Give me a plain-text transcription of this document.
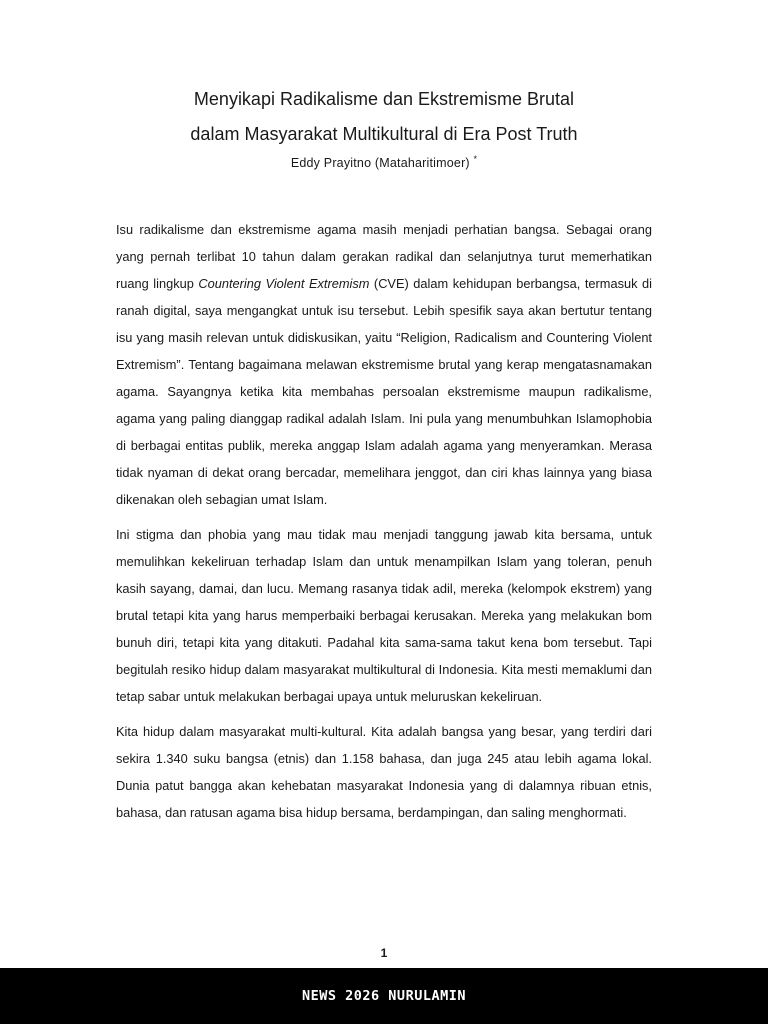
Menyikapi Radikalisme dan Ekstremisme Brutal

dalam Masyarakat Multikultural di Era Post Truth

Eddy Prayitno (Mataharitimoer) *

Isu radikalisme dan ekstremisme agama masih menjadi perhatian bangsa. Sebagai orang yang pernah terlibat 10 tahun dalam gerakan radikal dan selanjutnya turut memerhatikan ruang lingkup Countering Violent Extremism (CVE) dalam kehidupan berbangsa, termasuk di ranah digital, saya mengangkat untuk isu tersebut. Lebih spesifik saya akan bertutur tentang isu yang masih relevan untuk didiskusikan, yaitu “Religion, Radicalism and Countering Violent Extremism”. Tentang bagaimana melawan ekstremisme brutal yang kerap mengatasnamakan agama. Sayangnya ketika kita membahas persoalan ekstremisme maupun radikalisme, agama yang paling dianggap radikal adalah Islam. Ini pula yang menumbuhkan Islamophobia di berbagai entitas publik, mereka anggap Islam adalah agama yang menyeramkan. Merasa tidak nyaman di dekat orang bercadar, memelihara jenggot, dan ciri khas lainnya yang biasa dikenakan oleh sebagian umat Islam.

Ini stigma dan phobia yang mau tidak mau menjadi tanggung jawab kita bersama, untuk memulihkan kekeliruan terhadap Islam dan untuk menampilkan Islam yang toleran, penuh kasih sayang, damai, dan lucu. Memang rasanya tidak adil, mereka (kelompok ekstrem) yang brutal tetapi kita yang harus memperbaiki berbagai kerusakan. Mereka yang melakukan bom bunuh diri, tetapi kita yang ditakuti. Padahal kita sama-sama takut kena bom tersebut. Tapi begitulah resiko hidup dalam masyarakat multikultural di Indonesia. Kita mesti memaklumi dan tetap sabar untuk melakukan berbagai upaya untuk meluruskan kekeliruan.

Kita hidup dalam masyarakat multi-kultural. Kita adalah bangsa yang besar, yang terdiri dari sekira 1.340 suku bangsa (etnis) dan 1.158 bahasa, dan juga 245 atau lebih agama lokal. Dunia patut bangga akan kehebatan masyarakat Indonesia yang di dalamnya ribuan etnis, bahasa, dan ratusan agama bisa hidup bersama, berdampingan, dan saling menghormati.

1
NEWS 2026 NURULAMIN
